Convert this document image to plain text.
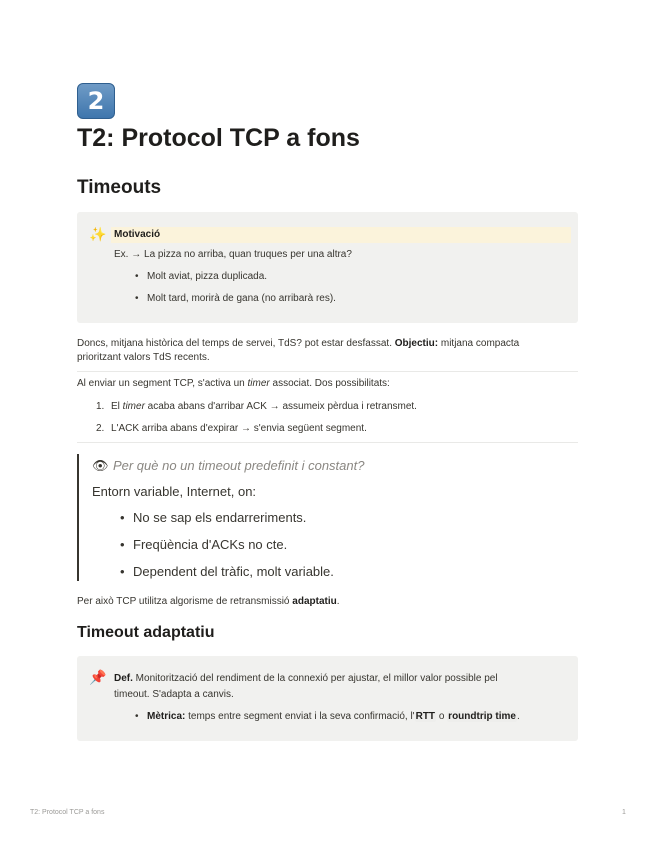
2
T2: Protocol TCP a fons
Timeouts
✨ Motivació
Ex. → La pizza no arriba, quan truques per una altra?
• Molt aviat, pizza duplicada.
• Molt tard, morirà de gana (no arribarà res).
Doncs, mitjana històrica del temps de servei, TdS? pot estar desfassat. Objectiu: mitjana compacta
prioritzant valors TdS recents.
Al enviar un segment TCP, s'activa un timer associat. Dos possibilitats:
1. El timer acaba abans d'arribar ACK → assumeix pèrdua i retransmet.
2. L'ACK arriba abans d'expirar → s'envia següent segment.
👁 Per què no un timeout predefinit i constant?
Entorn variable, Internet, on:
• No se sap els endarreriments.
• Freqüència d'ACKs no cte.
• Dependent del tràfic, molt variable.
Per això TCP utilitza algorisme de retransmissió adaptatiu.
Timeout adaptatiu
📌 Def. Monitorització del rendiment de la connexió per ajustar, el millor valor possible pel
timeout. S'adapta a canvis.
• Mètrica: temps entre segment enviat i la seva confirmació, l'RTT o roundtrip time.
T2: Protocol TCP a fons	1
